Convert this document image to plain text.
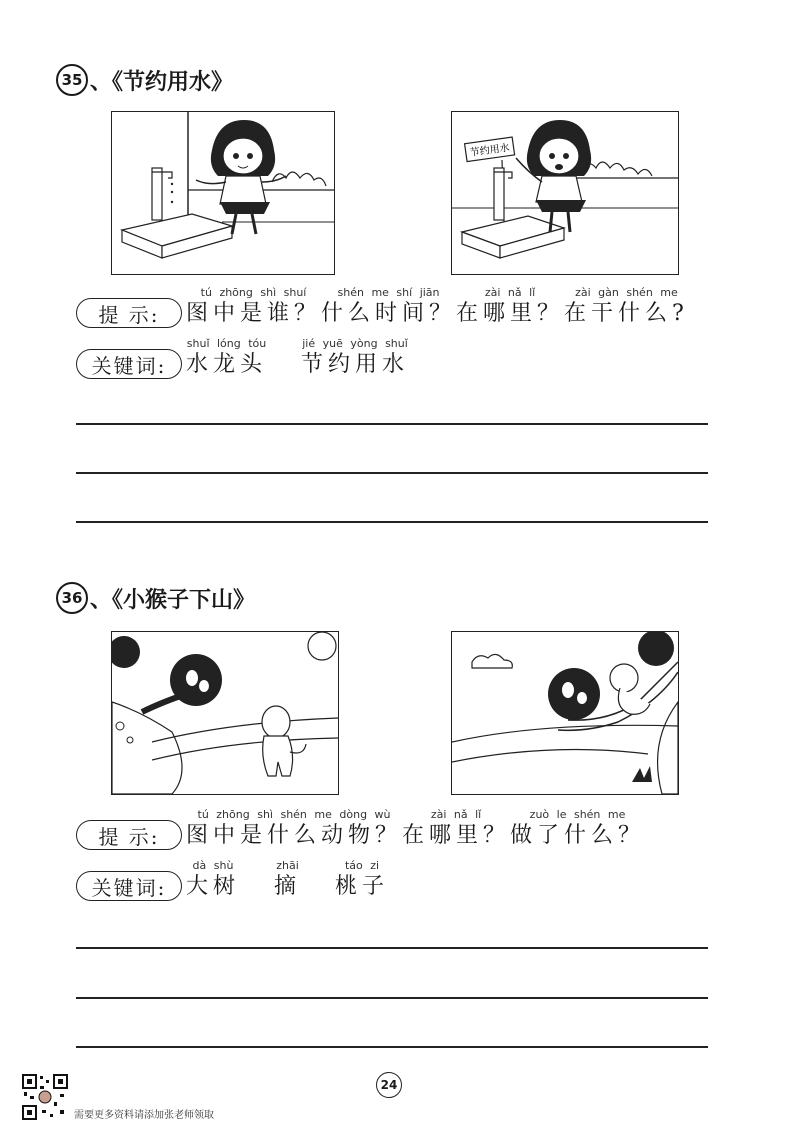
35 、《节约用水》
节约用水
提 示:
tú zhōng shì shuí
图中是谁？
shén me shí jiān
什么时间？
zài nǎ lǐ
在哪里？
zài gàn shén me
在干什么?
关键词:
shuǐ lóng tóu
水龙头
jié yuē yòng shuǐ
节约用水
36 、《小猴子下山》
提 示:
tú zhōng shì shén me dòng wù
图中是什么动物？
zài nǎ lǐ
在哪里？
zuò le shén me
做了什么？
关键词:
dà shù
大树
zhāi
摘
táo zi
桃子
24
需要更多资料请添加张老师领取
